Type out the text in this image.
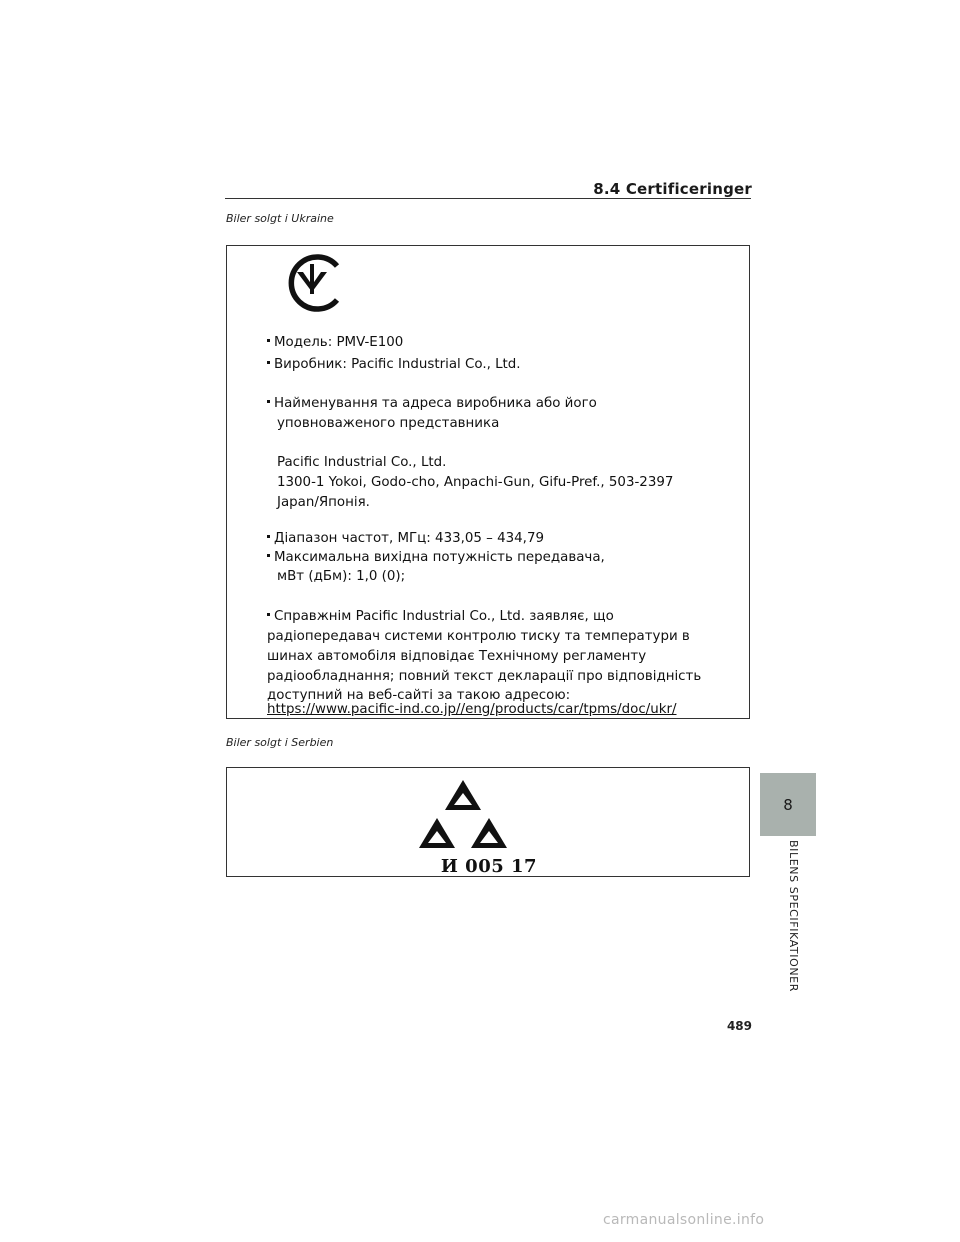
8.4 Certificeringer
Biler solgt i Ukraine
Модель: PMV-E100
Виробник: Pacific Industrial Co., Ltd.
Найменування та адреса виробника або його
уповноваженого представника
Pacific Industrial Co., Ltd.
1300-1 Yokoi, Godo-cho, Anpachi-Gun, Gifu-Pref., 503-2397
Japan/Японія.
Діапазон частот, МГц: 433,05 – 434,79
Максимальна вихідна потужність передавача,
мВт (дБм): 1,0 (0);
Справжнім Pacific Industrial Co., Ltd. заявляє, що
радіопередавач системи контролю тиску та температури в
шинах автомобіля відповідає Технічному регламенту
радіообладнання; повний текст декларації про відповідність
доступний на веб-сайті за такою адресою:
https://www.pacific-ind.co.jp//eng/products/car/tpms/doc/ukr/
Biler solgt i Serbien
И 005 17
8
BILENS SPECIFIKATIONER
489
carmanualsonline.info
